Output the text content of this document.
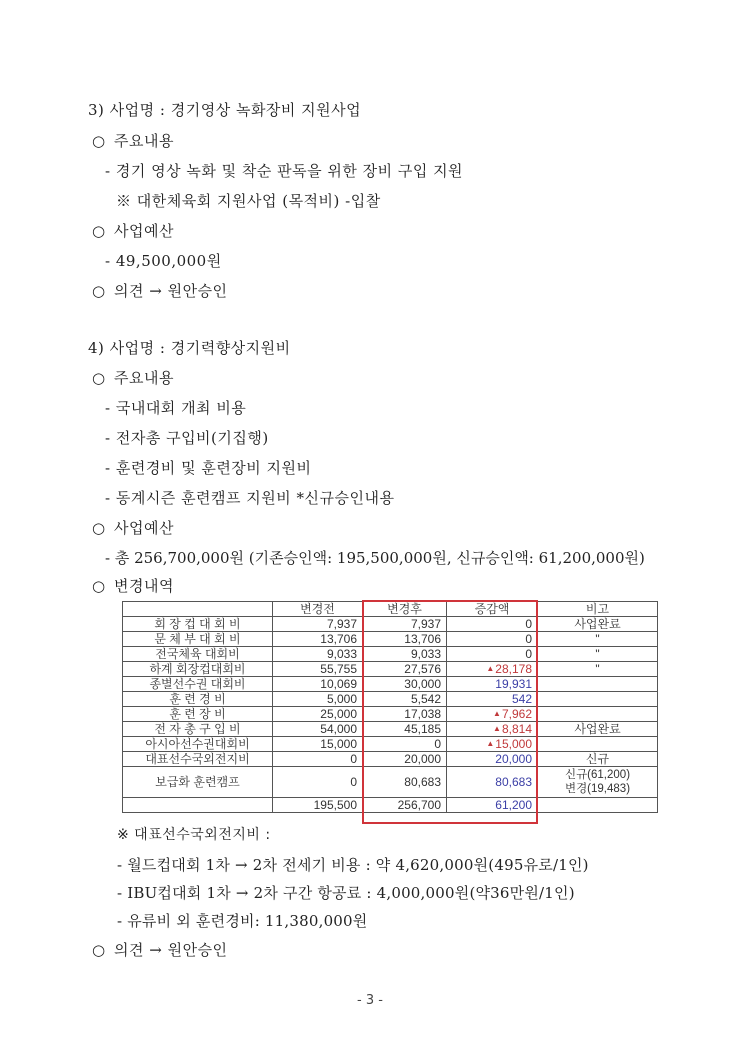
3) 사업명 : 경기영상 녹화장비 지원사업
○ 주요내용
- 경기 영상 녹화 및 착순 판독을 위한 장비 구입 지원
※ 대한체육회 지원사업 (목적비) -입찰
○ 사업예산
- 49,500,000원
○ 의견 → 원안승인
4) 사업명 : 경기력향상지원비
○ 주요내용
- 국내대회 개최 비용
- 전자총 구입비(기집행)
- 훈련경비 및 훈련장비 지원비
- 동계시즌 훈련캠프 지원비 *신규승인내용
○ 사업예산
- 총 256,700,000원 (기존승인액: 195,500,000원, 신규승인액: 61,200,000원)
○ 변경내역
	변경전	변경후	증감액	비고
회 장 컵 대 회 비	7,937	7,937	0	사업완료
문 체 부 대 회 비	13,706	13,706	0	"
전국체육 대회비	9,033	9,033	0	"
하계 회장컵대회비	55,755	27,576	▲28,178	"
종별선수권 대회비	10,069	30,000	19,931	
훈 련 경 비	5,000	5,542	542	
훈 련 장 비	25,000	17,038	▲7,962	
전 자 총 구 입 비	54,000	45,185	▲8,814	사업완료
아시아선수권대회비	15,000	0	▲15,000	
대표선수국외전지비	0	20,000	20,000	신규
보급화 훈련캠프	0	80,683	80,683	신규(61,200)
변경(19,483)

	195,500	256,700	61,200	
※ 대표선수국외전지비 :
- 월드컵대회 1차 → 2차 전세기 비용 : 약 4,620,000원(495유로/1인)
- IBU컵대회 1차 → 2차 구간 항공료 : 4,000,000원(약36만원/1인)
- 유류비 외 훈련경비: 11,380,000원
○ 의견 → 원안승인
- 3 -
